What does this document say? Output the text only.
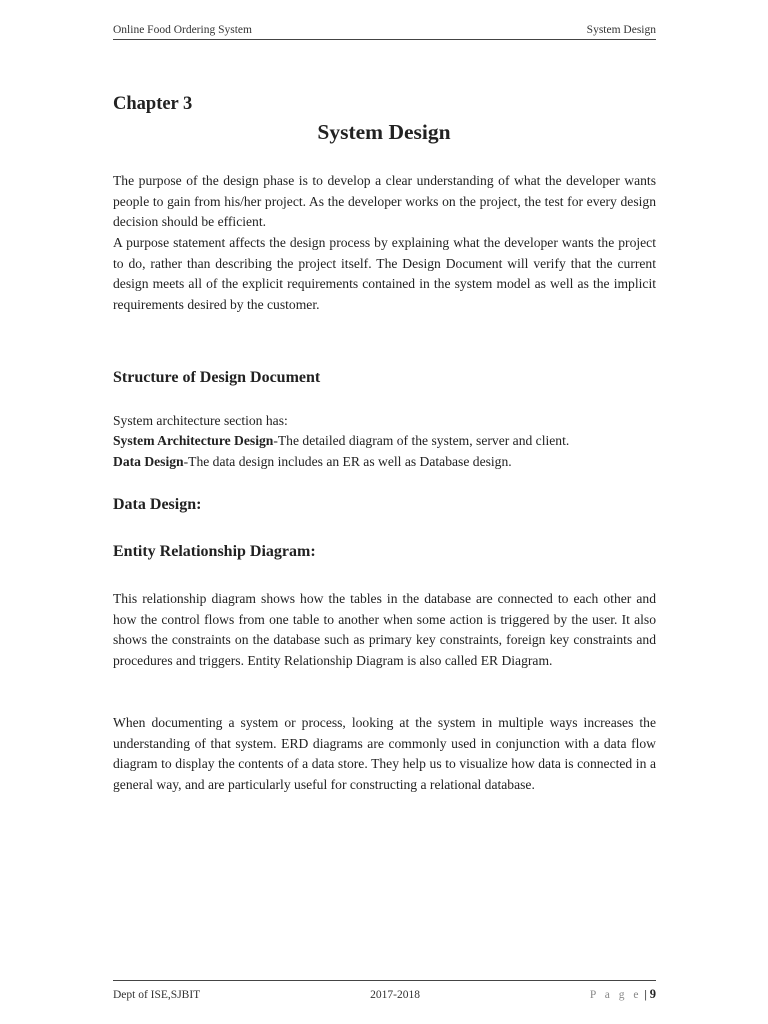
Online Food Ordering System	System Design
Chapter 3
System Design

The purpose of the design phase is to develop a clear understanding of what the developer wants people to gain from his/her project. As the developer works on the project, the test for every design decision should be efficient.

A purpose statement affects the design process by explaining what the developer wants the project to do, rather than describing the project itself. The Design Document will verify that the current design meets all of the explicit requirements contained in the system model as well as the implicit requirements desired by the customer.

Structure of Design Document

System architecture section has:

System Architecture Design-The detailed diagram of the system, server and client.

Data Design-The data design includes an ER as well as Database design.

Data Design:
Entity Relationship Diagram:

This relationship diagram shows how the tables in the database are connected to each other and how the control flows from one table to another when some action is triggered by the user. It also shows the constraints on the database such as primary key constraints, foreign key constraints and procedures and triggers. Entity Relationship Diagram is also called ER Diagram.

When documenting a system or process, looking at the system in multiple ways increases the understanding of that system. ERD diagrams are commonly used in conjunction with a data flow diagram to display the contents of a data store. They help us to visualize how data is connected in a general way, and are particularly useful for constructing a relational database.

Dept of ISE,SJBIT	2017-2018	P a g e | 9
